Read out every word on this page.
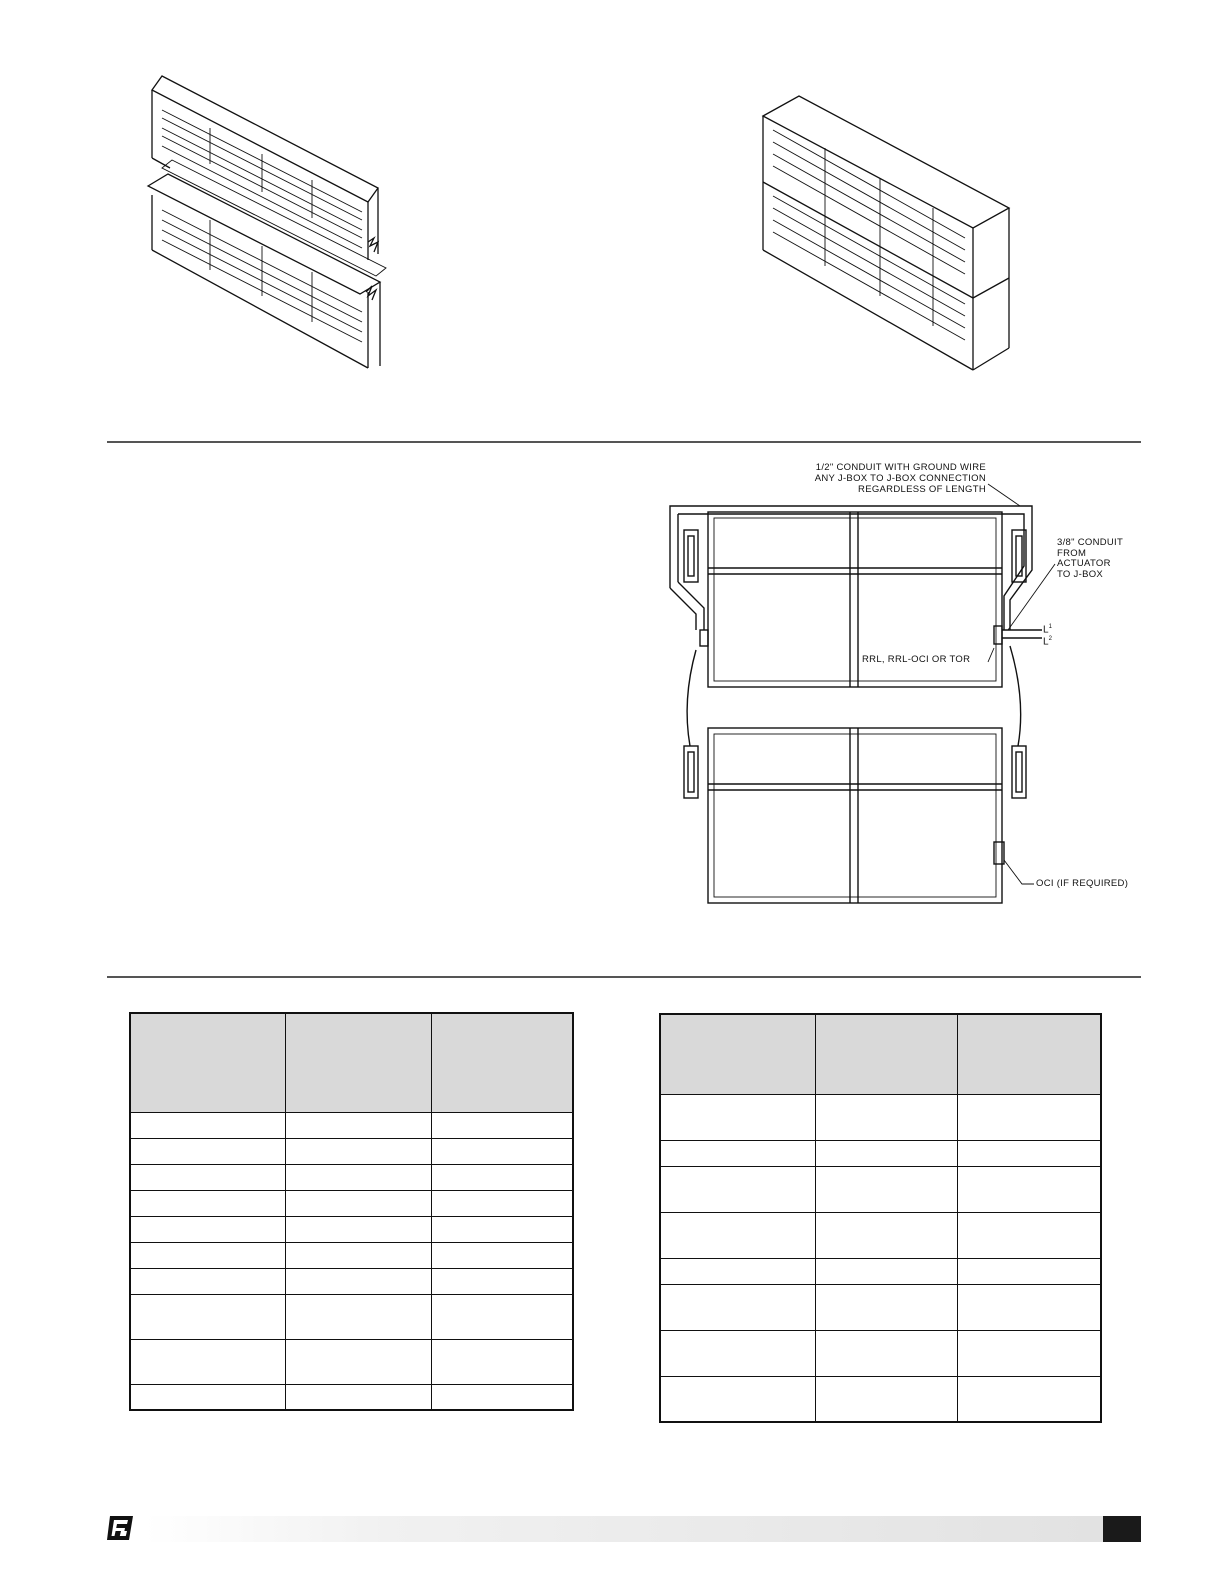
1/2" CONDUIT WITH GROUND WIRE
ANY J-BOX TO J-BOX CONNECTION
REGARDLESS OF LENGTH
3/8" CONDUIT
FROM
ACTUATOR
TO J-BOX
$L^1$
$L^2$
RRL, RRL-OCI OR TOR
OCI (IF REQUIRED)
